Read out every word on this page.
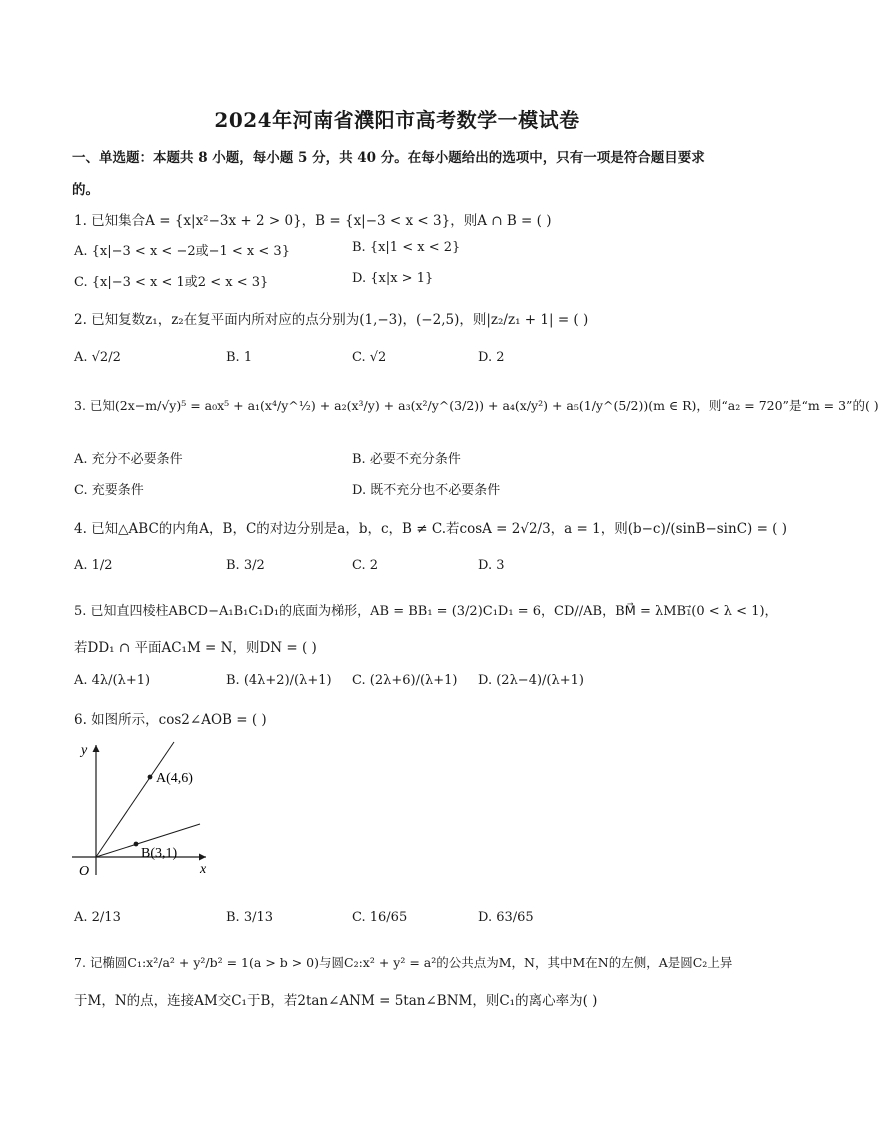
2024年河南省濮阳市高考数学一模试卷
一、单选题：本题共 8 小题，每小题 5 分，共 40 分。在每小题给出的选项中，只有一项是符合题目要求
的。
1. 已知集合A = {x|x²−3x + 2 > 0}，B = {x|−3 < x < 3}，则A ∩ B = ( )
A. {x|−3 < x < −2或−1 < x < 3}	B. {x|1 < x < 2}
C. {x|−3 < x < 1或2 < x < 3}	D. {x|x > 1}
2. 已知复数z₁，z₂在复平面内所对应的点分别为(1,−3)，(−2,5)，则|z₂/z₁ + 1| = ( )
A. √2/2	B. 1	C. √2	D. 2
3. 已知(2x−m/√y)⁵ = a₀x⁵ + a₁(x⁴/y^½) + a₂(x³/y) + a₃(x²/y^(3/2)) + a₄(x/y²) + a₅(1/y^(5/2))(m ∈ R)，则“a₂ = 720”是“m = 3”的( )
A. 充分不必要条件	B. 必要不充分条件
C. 充要条件	D. 既不充分也不必要条件
4. 已知△ABC的内角A，B，C的对边分别是a，b，c，B ≠ C.若cosA = 2√2/3，a = 1，则(b−c)/(sinB−sinC) = ( )
A. 1/2	B. 3/2	C. 2	D. 3
5. 已知直四棱柱ABCD−A₁B₁C₁D₁的底面为梯形，AB = BB₁ = (3/2)C₁D₁ = 6，CD//AB，BM⃗ = λMB₁⃗(0 < λ < 1)，
若DD₁ ∩ 平面AC₁M = N，则DN = ( )
A. 4λ/(λ+1)	B. (4λ+2)/(λ+1) C. (2λ+6)/(λ+1) D. (2λ−4)/(λ+1)
6. 如图所示，cos2∠AOB = ( )
y
x
O
A(4,6)
B(3,1)
A. 2/13	B. 3/13	C. 16/65	D. 63/65
7. 记椭圆C₁:x²/a² + y²/b² = 1(a > b > 0)与圆C₂:x² + y² = a²的公共点为M，N，其中M在N的左侧，A是圆C₂上异
于M，N的点，连接AM交C₁于B，若2tan∠ANM = 5tan∠BNM，则C₁的离心率为( )
